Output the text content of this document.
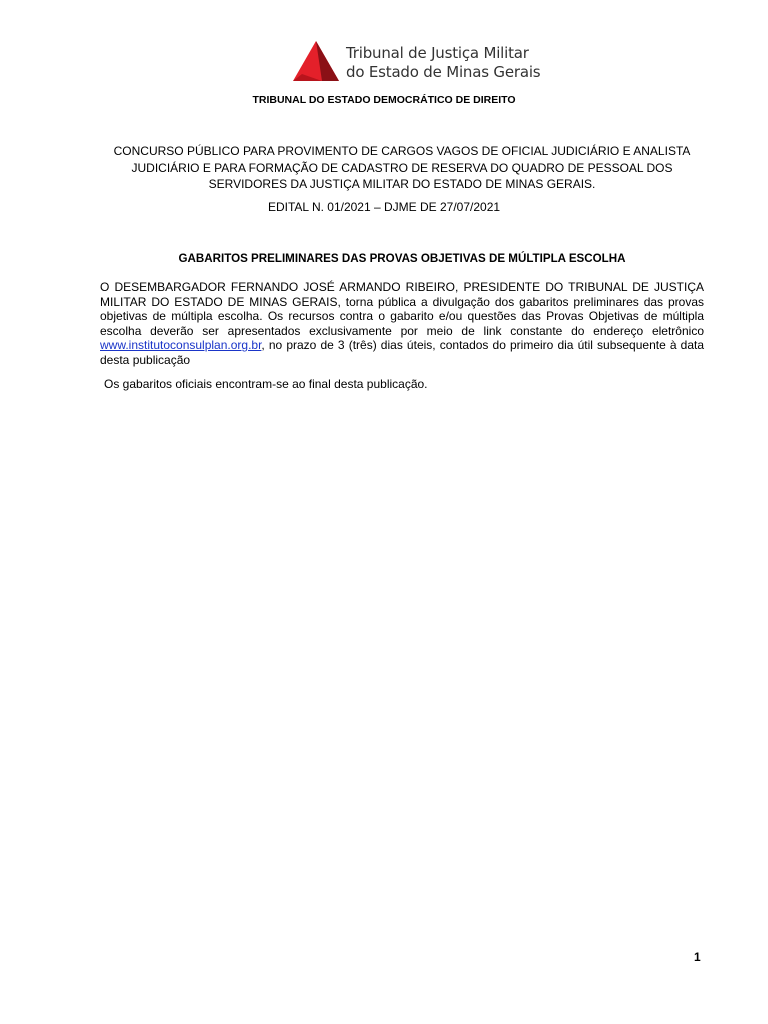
Tribunal de Justiça Militar
do Estado de Minas Gerais
TRIBUNAL DO ESTADO DEMOCRÁTICO DE DIREITO
CONCURSO PÚBLICO PARA PROVIMENTO DE CARGOS VAGOS DE OFICIAL JUDICIÁRIO E ANALISTA
JUDICIÁRIO E PARA FORMAÇÃO DE CADASTRO DE RESERVA DO QUADRO DE PESSOAL DOS
SERVIDORES DA JUSTIÇA MILITAR DO ESTADO DE MINAS GERAIS.
EDITAL N. 01/2021 – DJME DE 27/07/2021
GABARITOS PRELIMINARES DAS PROVAS OBJETIVAS DE MÚLTIPLA ESCOLHA
O DESEMBARGADOR FERNANDO JOSÉ ARMANDO RIBEIRO, PRESIDENTE DO TRIBUNAL DE JUSTIÇA MILITAR DO ESTADO DE MINAS GERAIS, torna pública a divulgação dos gabaritos preliminares das provas objetivas de múltipla escolha. Os recursos contra o gabarito e/ou questões das Provas Objetivas de múltipla escolha deverão ser apresentados exclusivamente por meio de link constante do endereço eletrônico www.institutoconsulplan.org.br, no prazo de 3 (três) dias úteis, contados do primeiro dia útil subsequente à data desta publicação
Os gabaritos oficiais encontram-se ao final desta publicação.
1
